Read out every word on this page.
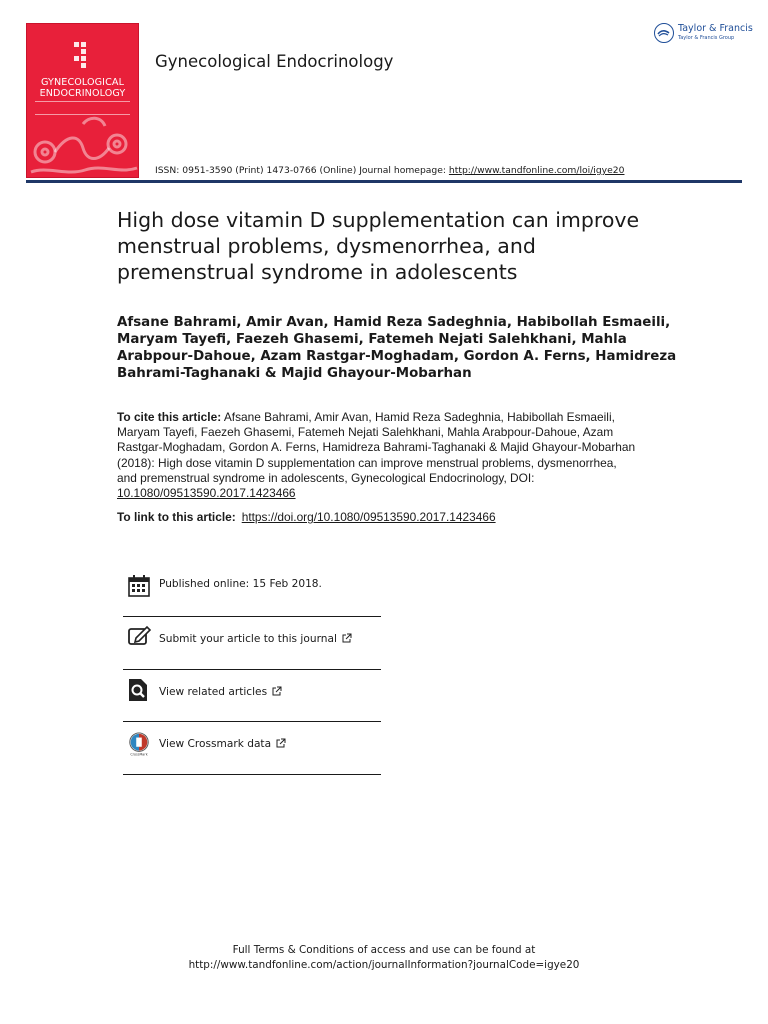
GYNECOLOGICAL
ENDOCRINOLOGY
Gynecological Endocrinology
ISSN: 0951-3590 (Print) 1473-0766 (Online) Journal homepage: http://www.tandfonline.com/loi/igye20
Taylor & Francis
Taylor & Francis Group
High dose vitamin D supplementation can improve menstrual problems, dysmenorrhea, and premenstrual syndrome in adolescents
Afsane Bahrami, Amir Avan, Hamid Reza Sadeghnia, Habibollah Esmaeili, Maryam Tayefi, Faezeh Ghasemi, Fatemeh Nejati Salehkhani, Mahla Arabpour-Dahoue, Azam Rastgar-Moghadam, Gordon A. Ferns, Hamidreza Bahrami-Taghanaki & Majid Ghayour-Mobarhan
To cite this article: Afsane Bahrami, Amir Avan, Hamid Reza Sadeghnia, Habibollah Esmaeili, Maryam Tayefi, Faezeh Ghasemi, Fatemeh Nejati Salehkhani, Mahla Arabpour-Dahoue, Azam Rastgar-Moghadam, Gordon A. Ferns, Hamidreza Bahrami-Taghanaki & Majid Ghayour-Mobarhan (2018): High dose vitamin D supplementation can improve menstrual problems, dysmenorrhea, and premenstrual syndrome in adolescents, Gynecological Endocrinology, DOI: 10.1080/09513590.2017.1423466
To link to this article: https://doi.org/10.1080/09513590.2017.1423466
Published online: 15 Feb 2018.
Submit your article to this journal
View related articles
CrossMark
View Crossmark data
Full Terms & Conditions of access and use can be found at
http://www.tandfonline.com/action/journalInformation?journalCode=igye20
